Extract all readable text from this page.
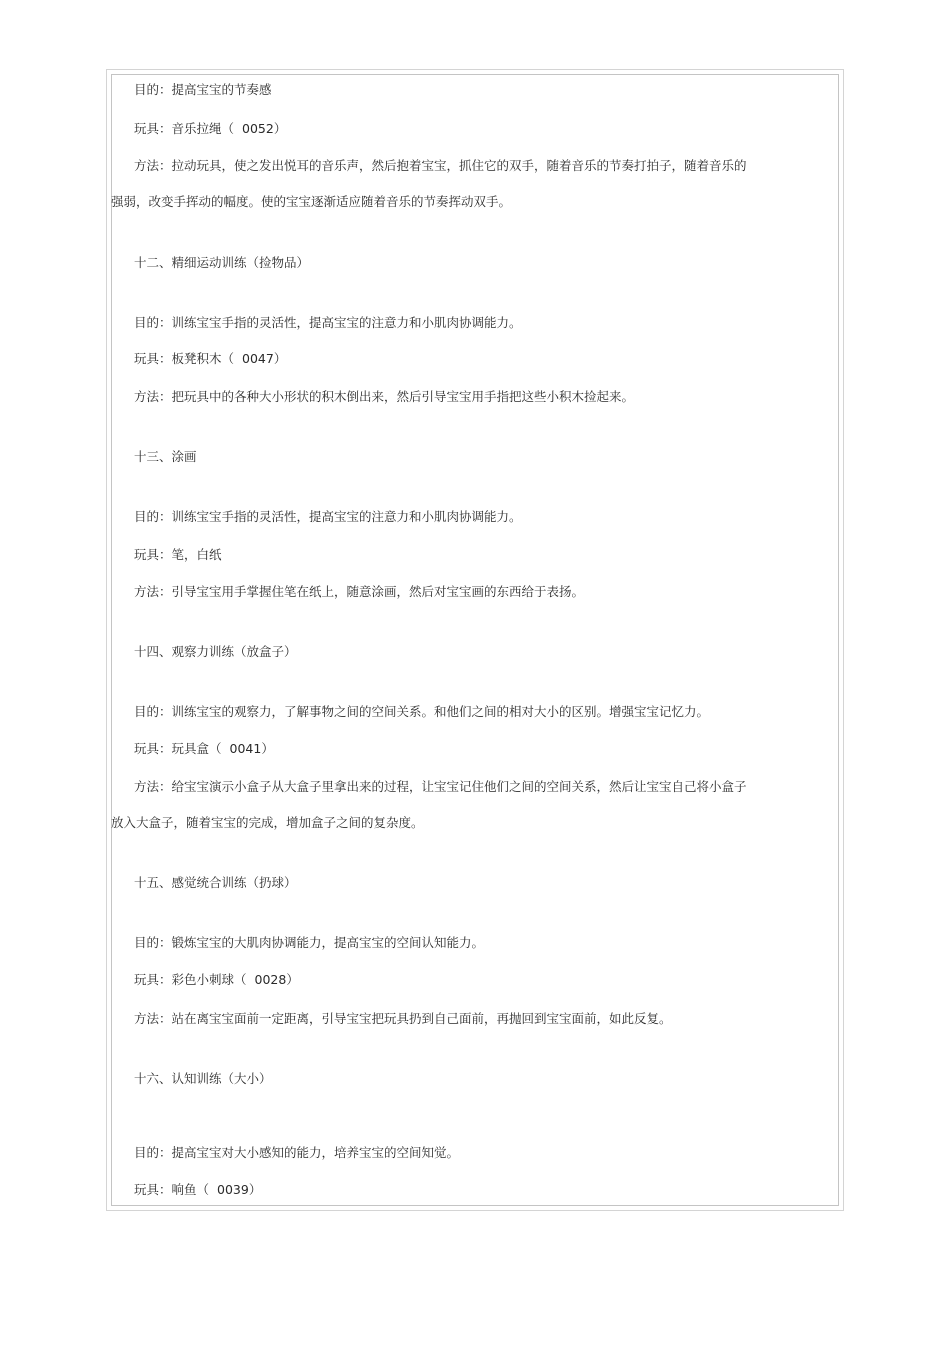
目的：提高宝宝的节奏感
玩具：音乐拉绳（ 0052）
方法：拉动玩具，使之发出悦耳的音乐声，然后抱着宝宝，抓住它的双手，随着音乐的节奏打拍子，随着音乐的
强弱，改变手挥动的幅度。使的宝宝逐渐适应随着音乐的节奏挥动双手。
十二、精细运动训练（捡物品）
目的：训练宝宝手指的灵活性，提高宝宝的注意力和小肌肉协调能力。
玩具：板凳积木（ 0047）
方法：把玩具中的各种大小形状的积木倒出来，然后引导宝宝用手指把这些小积木捡起来。
十三、涂画
目的：训练宝宝手指的灵活性，提高宝宝的注意力和小肌肉协调能力。
玩具：笔，白纸
方法：引导宝宝用手掌握住笔在纸上，随意涂画，然后对宝宝画的东西给于表扬。
十四、观察力训练（放盒子）
目的：训练宝宝的观察力，了解事物之间的空间关系。和他们之间的相对大小的区别。增强宝宝记忆力。
玩具：玩具盒（ 0041）
方法：给宝宝演示小盒子从大盒子里拿出来的过程，让宝宝记住他们之间的空间关系，然后让宝宝自己将小盒子
放入大盒子，随着宝宝的完成，增加盒子之间的复杂度。
十五、感觉统合训练（扔球）
目的：锻炼宝宝的大肌肉协调能力，提高宝宝的空间认知能力。
玩具：彩色小刺球（ 0028）
方法：站在离宝宝面前一定距离，引导宝宝把玩具扔到自己面前，再抛回到宝宝面前，如此反复。
十六、认知训练（大小）
目的：提高宝宝对大小感知的能力，培养宝宝的空间知觉。
玩具：响鱼（ 0039）
